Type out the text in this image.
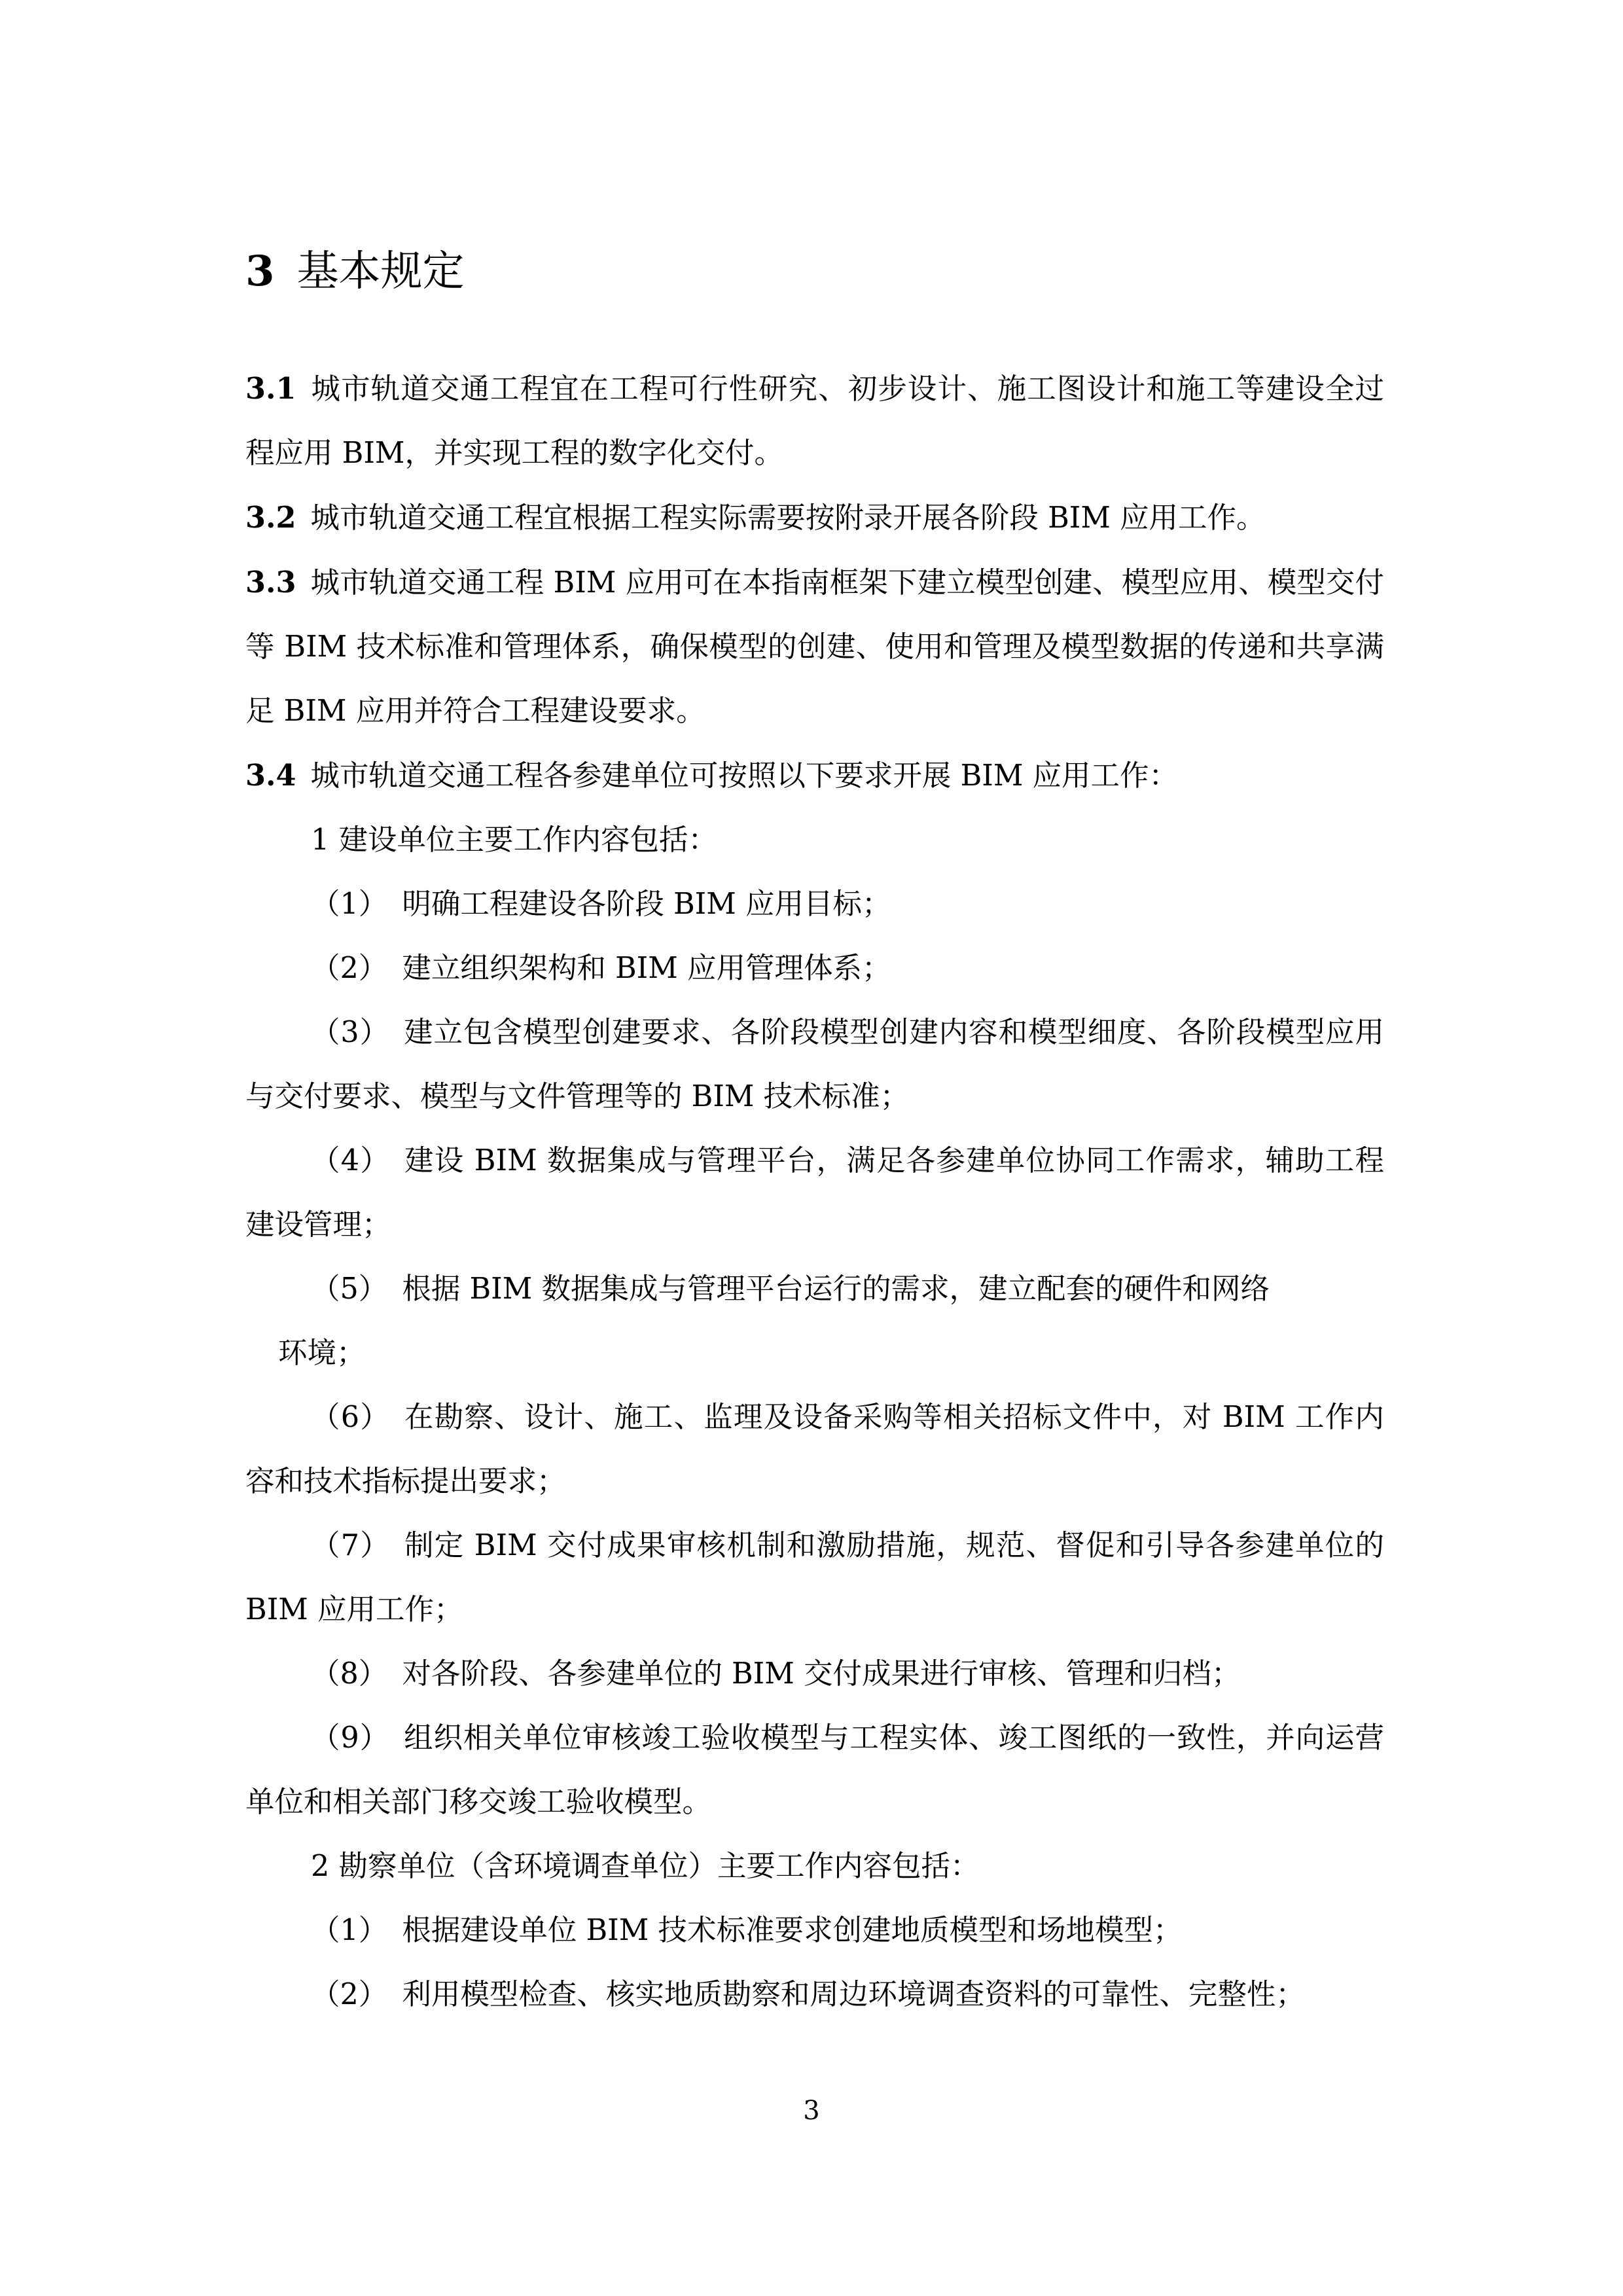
3 基本规定

3.1 城市轨道交通工程宜在工程可行性研究、初步设计、施工图设计和施工等建设全过程应用 BIM，并实现工程的数字化交付。

3.2 城市轨道交通工程宜根据工程实际需要按附录开展各阶段 BIM 应用工作。

3.3 城市轨道交通工程 BIM 应用可在本指南框架下建立模型创建、模型应用、模型交付等 BIM 技术标准和管理体系，确保模型的创建、使用和管理及模型数据的传递和共享满足 BIM 应用并符合工程建设要求。

3.4 城市轨道交通工程各参建单位可按照以下要求开展 BIM 应用工作：

1 建设单位主要工作内容包括：

（1） 明确工程建设各阶段 BIM 应用目标；

（2） 建立组织架构和 BIM 应用管理体系；

（3） 建立包含模型创建要求、各阶段模型创建内容和模型细度、各阶段模型应用与交付要求、模型与文件管理等的 BIM 技术标准；

（4） 建设 BIM 数据集成与管理平台，满足各参建单位协同工作需求，辅助工程建设管理；

（5） 根据 BIM 数据集成与管理平台运行的需求，建立配套的硬件和网络

环境；

（6） 在勘察、设计、施工、监理及设备采购等相关招标文件中，对 BIM 工作内容和技术指标提出要求；

（7） 制定 BIM 交付成果审核机制和激励措施，规范、督促和引导各参建单位的 BIM 应用工作；

（8） 对各阶段、各参建单位的 BIM 交付成果进行审核、管理和归档；

（9） 组织相关单位审核竣工验收模型与工程实体、竣工图纸的一致性，并向运营单位和相关部门移交竣工验收模型。

2 勘察单位（含环境调查单位）主要工作内容包括：

（1） 根据建设单位 BIM 技术标准要求创建地质模型和场地模型；

（2） 利用模型检查、核实地质勘察和周边环境调查资料的可靠性、完整性；

3
